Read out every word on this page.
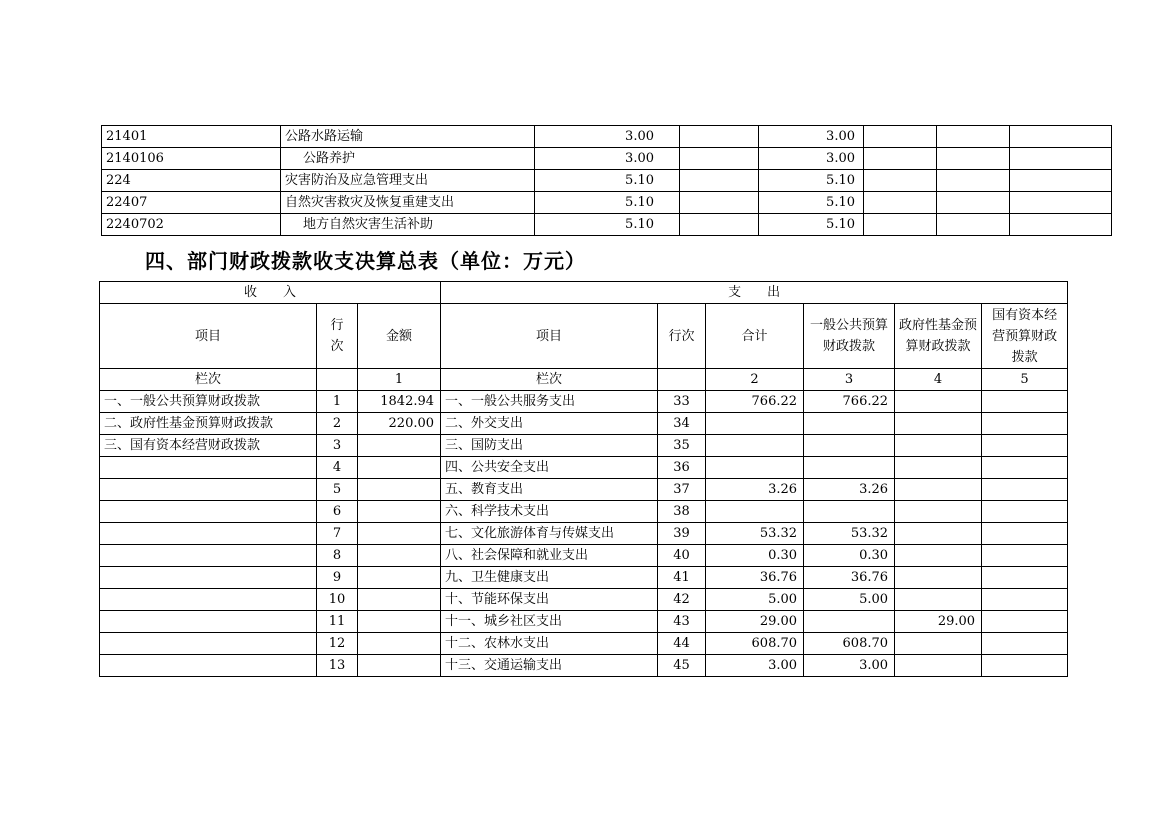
21401	公路水路运输	3.00		3.00			
2140106	公路养护	3.00		3.00			
224	灾害防治及应急管理支出	5.10		5.10			
22407	自然灾害救灾及恢复重建支出	5.10		5.10			
2240702	地方自然灾害生活补助	5.10		5.10			
四、部门财政拨款收支决算总表（单位：万元）
收　　入			支　　出					
项目	行次	金额	项目	行次	合计	一般公共预算财政拨款	政府性基金预算财政拨款	国有资本经营预算财政拨款
栏次		1	栏次		2	3	4	5
一、一般公共预算财政拨款	1	1842.94	一、一般公共服务支出	33	766.22	766.22		
二、政府性基金预算财政拨款	2	220.00	二、外交支出	34				
三、国有资本经营财政拨款	3		三、国防支出	35				
	4		四、公共安全支出	36				
	5		五、教育支出	37	3.26	3.26		
	6		六、科学技术支出	38				
	7		七、文化旅游体育与传媒支出	39	53.32	53.32		
	8		八、社会保障和就业支出	40	0.30	0.30		
	9		九、卫生健康支出	41	36.76	36.76		
	10		十、节能环保支出	42	5.00	5.00		
	11		十一、城乡社区支出	43	29.00		29.00	
	12		十二、农林水支出	44	608.70	608.70		
	13		十三、交通运输支出	45	3.00	3.00		
